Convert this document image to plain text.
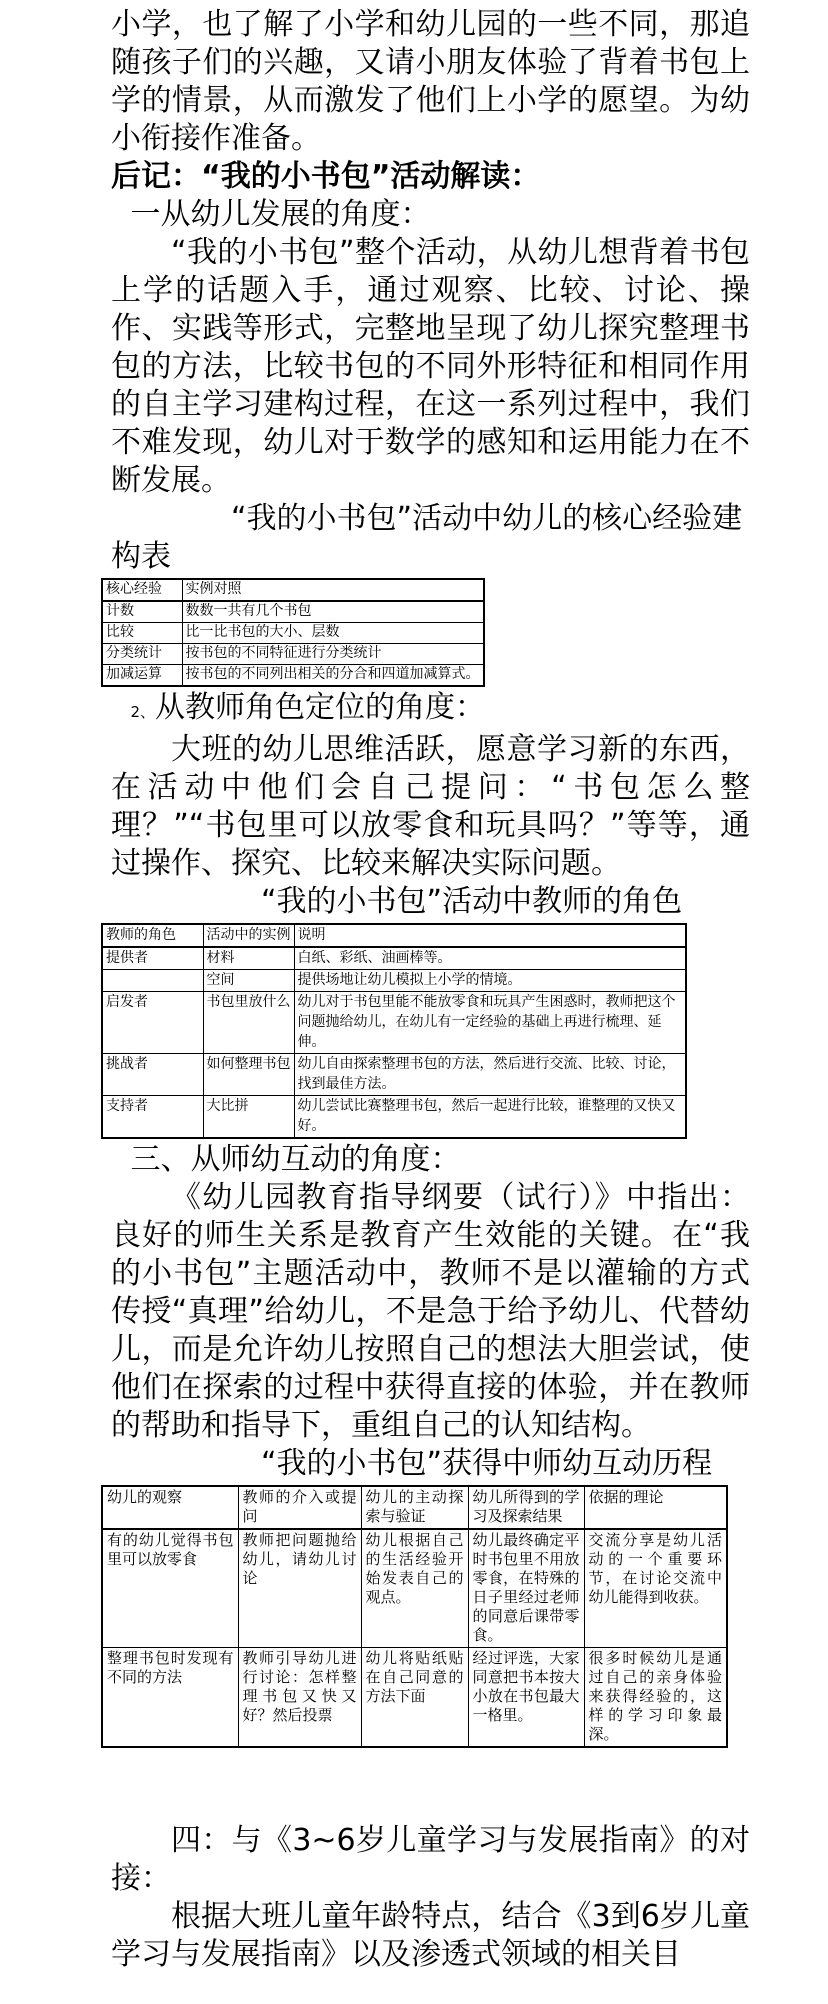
小学，也了解了小学和幼儿园的一些不同，那追随孩子们的兴趣，又请小朋友体验了背着书包上学的情景，从而激发了他们上小学的愿望。为幼小衔接作准备。

后记：“我的小书包”活动解读：

一从幼儿发展的角度：

“我的小书包”整个活动，从幼儿想背着书包上学的话题入手，通过观察、比较、讨论、操作、实践等形式，完整地呈现了幼儿探究整理书包的方法，比较书包的不同外形特征和相同作用的自主学习建构过程，在这一系列过程中，我们不难发现，幼儿对于数学的感知和运用能力在不断发展。

“我的小书包”活动中幼儿的核心经验建构表

核心经验	实例对照
计数	数数一共有几个书包
比较	比一比书包的大小、层数
分类统计	按书包的不同特征进行分类统计
加减运算	按书包的不同列出相关的分合和四道加减算式。

2、从教师角色定位的角度：

大班的幼儿思维活跃，愿意学习新的东西，在活动中他们会自己提问：“书包怎么整理？”“书包里可以放零食和玩具吗？”等等，通过操作、探究、比较来解决实际问题。

“我的小书包”活动中教师的角色

教师的角色	活动中的实例	说明
提供者	材料	白纸、彩纸、油画棒等。
	空间	提供场地让幼儿模拟上小学的情境。
启发者	书包里放什么	幼儿对于书包里能不能放零食和玩具产生困惑时，教师把这个问题抛给幼儿，在幼儿有一定经验的基础上再进行梳理、延伸。
挑战者	如何整理书包	幼儿自由探索整理书包的方法，然后进行交流、比较、讨论，找到最佳方法。
支持者	大比拼	幼儿尝试比赛整理书包，然后一起进行比较，谁整理的又快又好。

三、从师幼互动的角度：

《幼儿园教育指导纲要（试行）》中指出：良好的师生关系是教育产生效能的关键。在“我的小书包”主题活动中，教师不是以灌输的方式传授“真理”给幼儿，不是急于给予幼儿、代替幼儿，而是允许幼儿按照自己的想法大胆尝试，使他们在探索的过程中获得直接的体验，并在教师的帮助和指导下，重组自己的认知结构。

“我的小书包”获得中师幼互动历程

幼儿的观察	教师的介入或提问	幼儿的主动探索与验证	幼儿所得到的学习及探索结果	依据的理论
有的幼儿觉得书包里可以放零食	教师把问题抛给幼儿，请幼儿讨论	幼儿根据自己的生活经验开始发表自己的观点。	幼儿最终确定平时书包里不用放零食，在特殊的日子里经过老师的同意后课带零食。	交流分享是幼儿活动的一个重要环节，在讨论交流中幼儿能得到收获。
整理书包时发现有不同的方法	教师引导幼儿进行讨论：怎样整理书包又快又好？然后投票	幼儿将贴纸贴在自己同意的方法下面	经过评选，大家同意把书本按大小放在书包最大一格里。	很多时候幼儿是通过自己的亲身体验来获得经验的，这样的学习印象最深。

四：与《3~6岁儿童学习与发展指南》的对接：

根据大班儿童年龄特点，结合《3到6岁儿童学习与发展指南》以及渗透式领域的相关目
